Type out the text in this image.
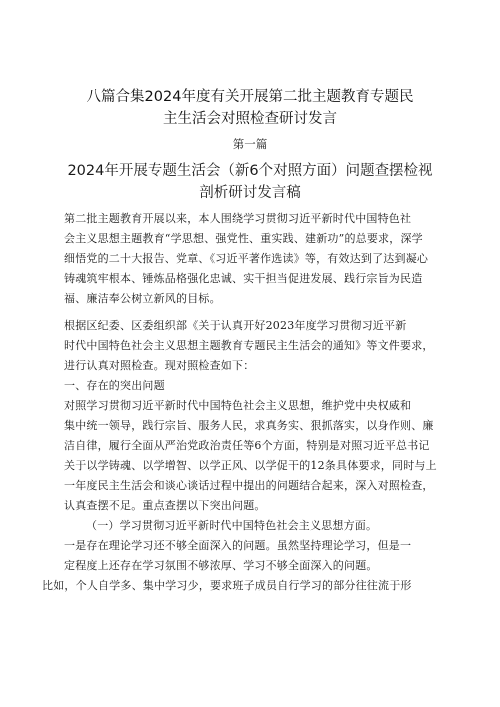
八篇合集2024年度有关开展第二批主题教育专题民
主生活会对照检查研讨发言
第一篇
2024年开展专题生活会（新6个对照方面）问题查摆检视
剖析研讨发言稿

第二批主题教育开展以来，本人围绕学习贯彻习近平新时代中国特色社
会主义思想主题教育“学思想、强党性、重实践、建新功”的总要求，深学
细悟党的二十大报告、党章、《习近平著作选读》等，有效达到了达到凝心
铸魂筑牢根本、锤炼品格强化忠诚、实干担当促进发展、践行宗旨为民造
福、廉洁奉公树立新风的目标。

根据区纪委、区委组织部《关于认真开好2023年度学习贯彻习近平新
时代中国特色社会主义思想主题教育专题民主生活会的通知》等文件要求，
进行认真对照检查。现对照检查如下：

一、存在的突出问题

对照学习贯彻习近平新时代中国特色社会主义思想，维护党中央权威和
集中统一领导，践行宗旨、服务人民，求真务实、狠抓落实，以身作则、廉
洁自律，履行全面从严治党政治责任等6个方面，特别是对照习近平总书记
关于以学铸魂、以学增智、以学正风、以学促干的12条具体要求，同时与上
一年度民主生活会和谈心谈话过程中提出的问题结合起来，深入对照检查，
认真查摆不足。重点查摆以下突出问题。

（一）学习贯彻习近平新时代中国特色社会主义思想方面。

一是存在理论学习还不够全面深入的问题。虽然坚持理论学习，但是一
定程度上还存在学习氛围不够浓厚、学习不够全面深入的问题。

比如，个人自学多、集中学习少，要求班子成员自行学习的部分往往流于形
